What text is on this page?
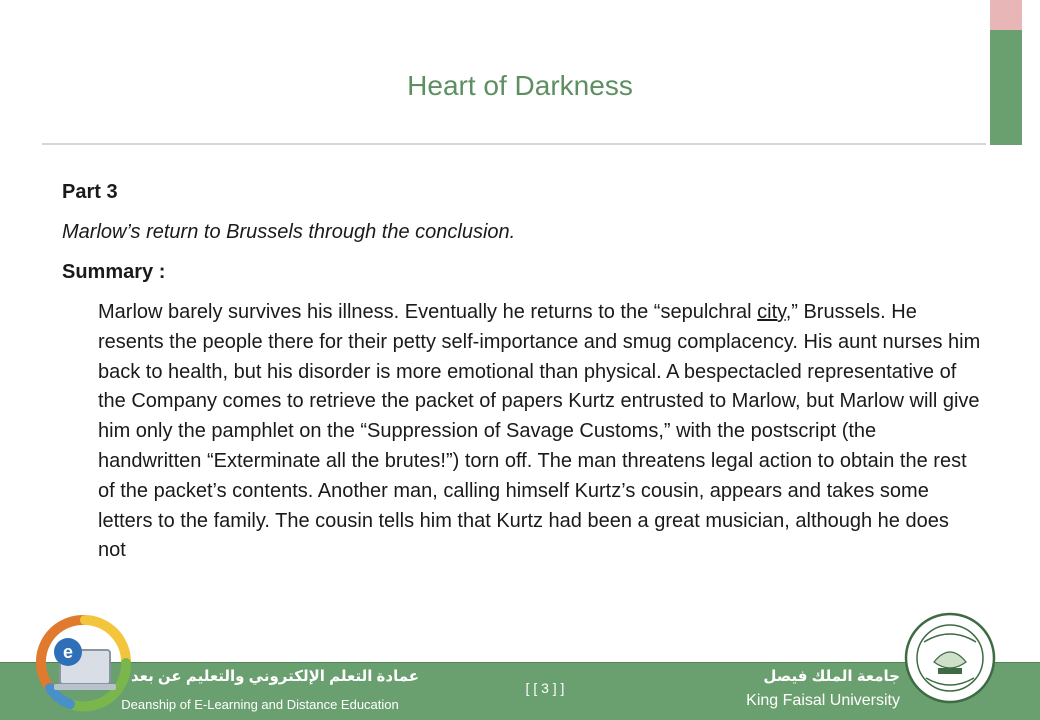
Heart of Darkness

Part 3

Marlow’s return to Brussels through the conclusion.

Summary :

Marlow barely survives his illness. Eventually he returns to the “sepulchral city,” Brussels. He resents the people there for their petty self-importance and smug complacency. His aunt nurses him back to health, but his disorder is more emotional than physical. A bespectacled representative of the Company comes to retrieve the packet of papers Kurtz entrusted to Marlow, but Marlow will give him only the pamphlet on the “Suppression of Savage Customs,” with the postscript (the handwritten “Exterminate all the brutes!”) torn off. The man threatens legal action to obtain the rest of the packet’s contents. Another man, calling himself Kurtz’s cousin, appears and takes some letters to the family. The cousin tells him that Kurtz had been a great musician, although he does not

عمادة التعلم الإلكتروني والتعليم عن بعد
Deanship of E-Learning and Distance Education
[ [ 3 ] ]
جامعة الملك فيصل
King Faisal University
e
